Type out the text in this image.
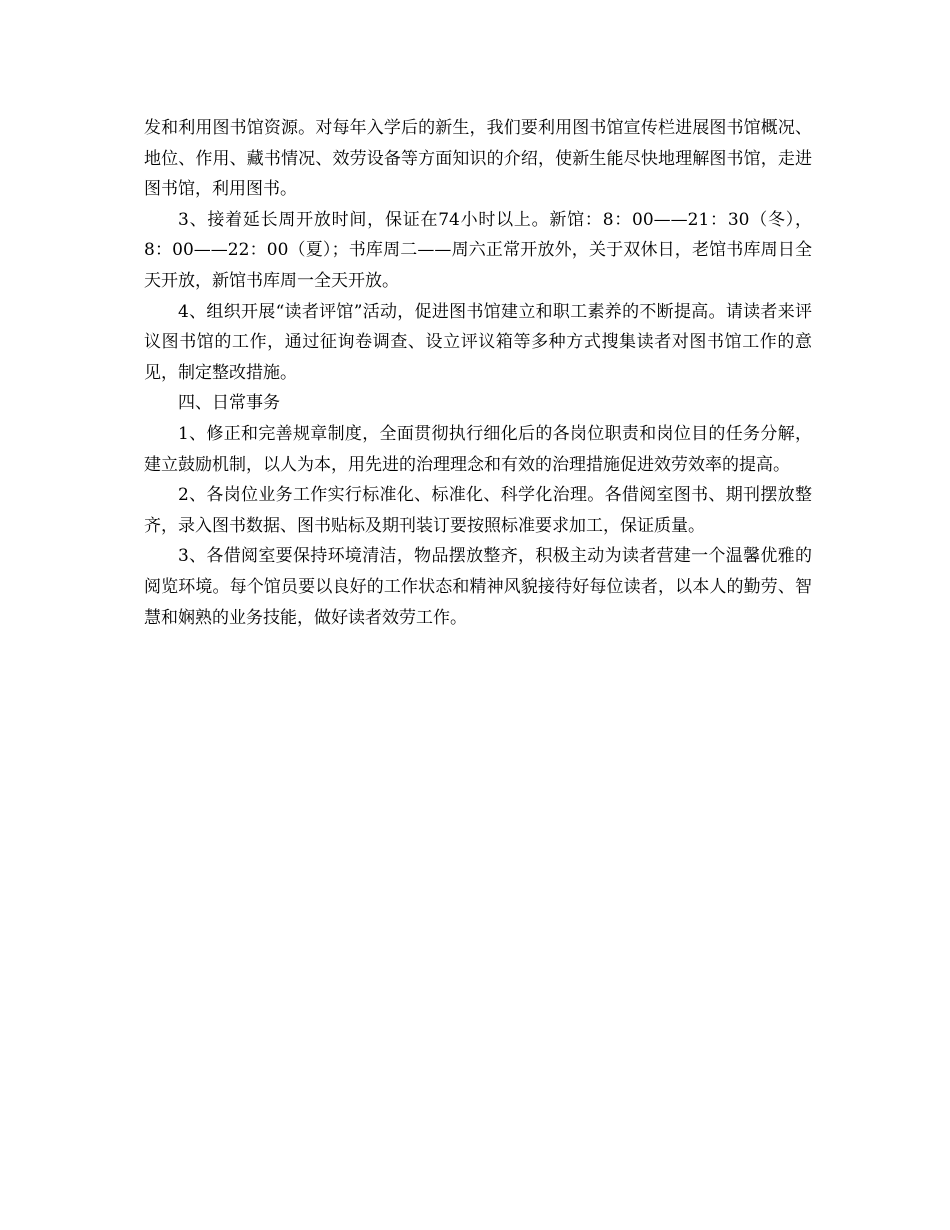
发和利用图书馆资源。对每年入学后的新生，我们要利用图书馆宣传栏进展图书馆概况、地位、作用、藏书情况、效劳设备等方面知识的介绍，使新生能尽快地理解图书馆，走进图书馆，利用图书。

3、接着延长周开放时间，保证在74小时以上。新馆：8：00——21：30（冬），8：00——22：00（夏）；书库周二——周六正常开放外，关于双休日，老馆书库周日全天开放，新馆书库周一全天开放。

4、组织开展“读者评馆”活动，促进图书馆建立和职工素养的不断提高。请读者来评议图书馆的工作，通过征询卷调查、设立评议箱等多种方式搜集读者对图书馆工作的意见，制定整改措施。

四、日常事务

1、修正和完善规章制度，全面贯彻执行细化后的各岗位职责和岗位目的任务分解，建立鼓励机制，以人为本，用先进的治理理念和有效的治理措施促进效劳效率的提高。

2、各岗位业务工作实行标准化、标准化、科学化治理。各借阅室图书、期刊摆放整齐，录入图书数据、图书贴标及期刊装订要按照标准要求加工，保证质量。

3、各借阅室要保持环境清洁，物品摆放整齐，积极主动为读者营建一个温馨优雅的阅览环境。每个馆员要以良好的工作状态和精神风貌接待好每位读者，以本人的勤劳、智慧和娴熟的业务技能，做好读者效劳工作。
